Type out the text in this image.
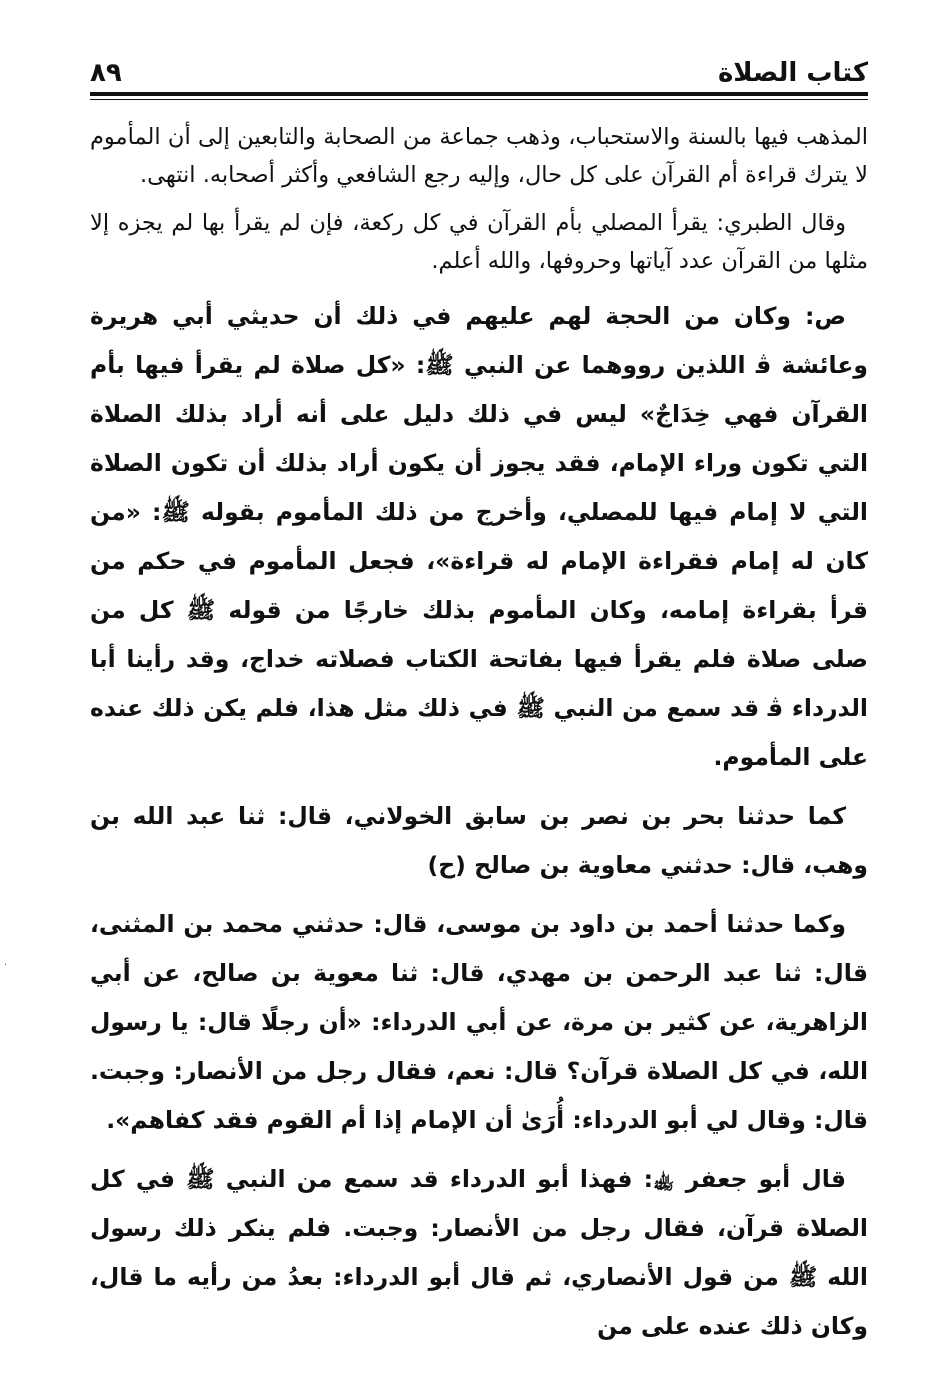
كتاب الصلاة
٨٩

المذهب فيها بالسنة والاستحباب، وذهب جماعة من الصحابة والتابعين إلى أن المأموم لا يترك قراءة أم القرآن على كل حال، وإليه رجع الشافعي وأكثر أصحابه. انتهى.

وقال الطبري: يقرأ المصلي بأم القرآن في كل ركعة، فإن لم يقرأ بها لم يجزه إلا مثلها من القرآن عدد آياتها وحروفها، والله أعلم.

ص: وكان من الحجة لهم عليهم في ذلك أن حديثي أبي هريرة وعائشة ﭬ اللذين رووهما عن النبي ﷺ: «كل صلاة لم يقرأ فيها بأم القرآن فهي خِدَاجٌ» ليس في ذلك دليل على أنه أراد بذلك الصلاة التي تكون وراء الإمام، فقد يجوز أن يكون أراد بذلك أن تكون الصلاة التي لا إمام فيها للمصلي، وأخرج من ذلك المأموم بقوله ﷺ: «من كان له إمام فقراءة الإمام له قراءة»، فجعل المأموم في حكم من قرأ بقراءة إمامه، وكان المأموم بذلك خارجًا من قوله ﷺ كل من صلى صلاة فلم يقرأ فيها بفاتحة الكتاب فصلاته خداج، وقد رأينا أبا الدرداء ﭬ قد سمع من النبي ﷺ في ذلك مثل هذا، فلم يكن ذلك عنده على المأموم.

كما حدثنا بحر بن نصر بن سابق الخولاني، قال: ثنا عبد الله بن وهب، قال: حدثني معاوية بن صالح (ح)

وكما حدثنا أحمد بن داود بن موسى، قال: حدثني محمد بن المثنى، قال: ثنا عبد الرحمن بن مهدي، قال: ثنا معوية بن صالح، عن أبي الزاهرية، عن كثير بن مرة، عن أبي الدرداء: «أن رجلًا قال: يا رسول الله، في كل الصلاة قرآن؟ قال: نعم، فقال رجل من الأنصار: وجبت. قال: وقال لي أبو الدرداء: أُرَىٰ أن الإمام إذا أم القوم فقد كفاهم».

قال أبو جعفر ﵀: فهذا أبو الدرداء قد سمع من النبي ﷺ في كل الصلاة قرآن، فقال رجل من الأنصار: وجبت. فلم ينكر ذلك رسول الله ﷺ من قول الأنصاري، ثم قال أبو الدرداء: بعدُ من رأيه ما قال، وكان ذلك عنده على من

·
